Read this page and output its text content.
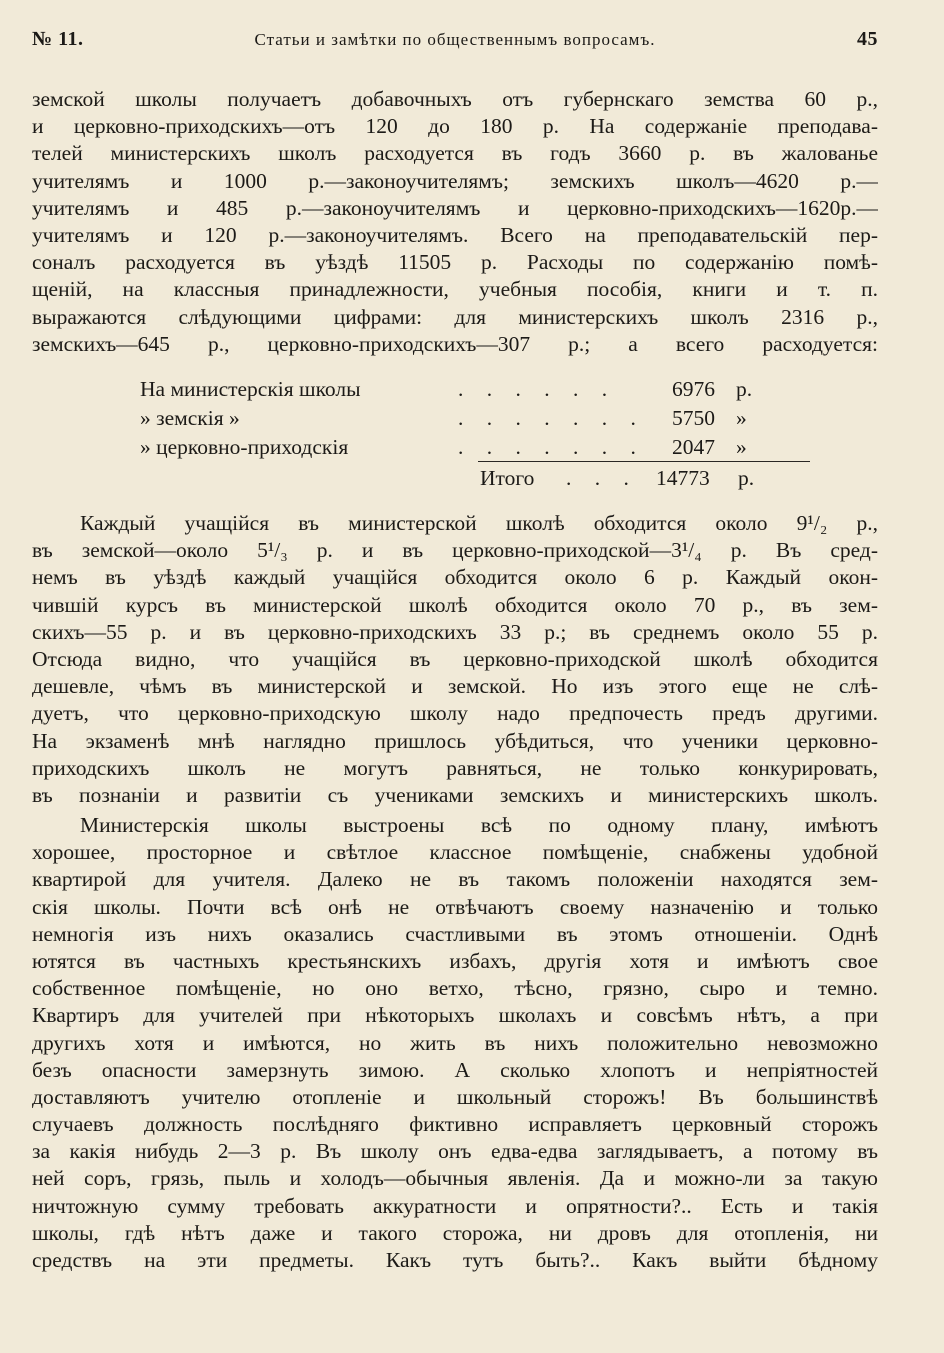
№ 11.	Статьи и замѣтки по общественнымъ вопросамъ.	45
земской школы получаетъ добавочныхъ отъ губернскаго земства 60 р.,
и церковно-приходскихъ—отъ 120 до 180 р. На содержаніе преподава-
телей министерскихъ школъ расходуется въ годъ 3660 р. въ жалованье
учителямъ и 1000 р.—законоучителямъ; земскихъ школъ—4620 р.—
учителямъ и 485 р.—законоучителямъ и церковно-приходскихъ—1620р.—
учителямъ и 120 р.—законоучителямъ. Всего на преподавательскій пер-
соналъ расходуется въ уѣздѣ 11505 р. Расходы по содержанію помѣ-
щеній, на классныя принадлежности, учебныя пособія, книги и т. п.
выражаются слѣдующими цифрами: для министерскихъ школъ 2316 р.,
земскихъ—645 р., церковно-приходскихъ—307 р.; а всего расходуется:
На министерскія школы	. . . . . .	6976 р.
» земскія »	. . . . . . . 5750 »
» церковно-приходскія	. . . . . . . 2047 »
Итого . . . 14773 р.
Каждый учащійся въ министерской школѣ обходится около 9¹/₂ р.,
въ земской—около 5¹/₃ р. и въ церковно-приходской—3¹/₄ р. Въ сред-
немъ въ уѣздѣ каждый учащійся обходится около 6 р. Каждый окон-
чившій курсъ въ министерской школѣ обходится около 70 р., въ зем-
скихъ—55 р. и въ церковно-приходскихъ 33 р.; въ среднемъ около 55 р.
Отсюда видно, что учащійся въ церковно-приходской школѣ обходится
дешевле, чѣмъ въ министерской и земской. Но изъ этого еще не слѣ-
дуетъ, что церковно-приходскую школу надо предпочесть предъ другими.
На экзаменѣ мнѣ наглядно пришлось убѣдиться, что ученики церковно-
приходскихъ школъ не могутъ равняться, не только конкурировать,
въ познаніи и развитіи съ учениками земскихъ и министерскихъ школъ.
Министерскія школы выстроены всѣ по одному плану, имѣютъ
хорошее, просторное и свѣтлое классное помѣщеніе, снабжены удобной
квартирой для учителя. Далеко не въ такомъ положеніи находятся зем-
скія школы. Почти всѣ онѣ не отвѣчаютъ своему назначенію и только
немногія изъ нихъ оказались счастливыми въ этомъ отношеніи. Однѣ
ютятся въ частныхъ крестьянскихъ избахъ, другія хотя и имѣютъ свое
собственное помѣщеніе, но оно ветхо, тѣсно, грязно, сыро и темно.
Квартиръ для учителей при нѣкоторыхъ школахъ и совсѣмъ нѣтъ, а при
другихъ хотя и имѣются, но жить въ нихъ положительно невозможно
безъ опасности замерзнуть зимою. А сколько хлопотъ и непріятностей
доставляютъ учителю отопленіе и школьный сторожъ! Въ большинствѣ
случаевъ должность послѣдняго фиктивно исправляетъ церковный сторожъ
за какія нибудь 2—3 р. Въ школу онъ едва-едва заглядываетъ, а потому въ
ней соръ, грязь, пыль и холодъ—обычныя явленія. Да и можно-ли за такую
ничтожную сумму требовать аккуратности и опрятности?.. Есть и такія
школы, гдѣ нѣтъ даже и такого сторожа, ни дровъ для отопленія, ни
средствъ на эти предметы. Какъ тутъ быть?.. Какъ выйти бѣдному
